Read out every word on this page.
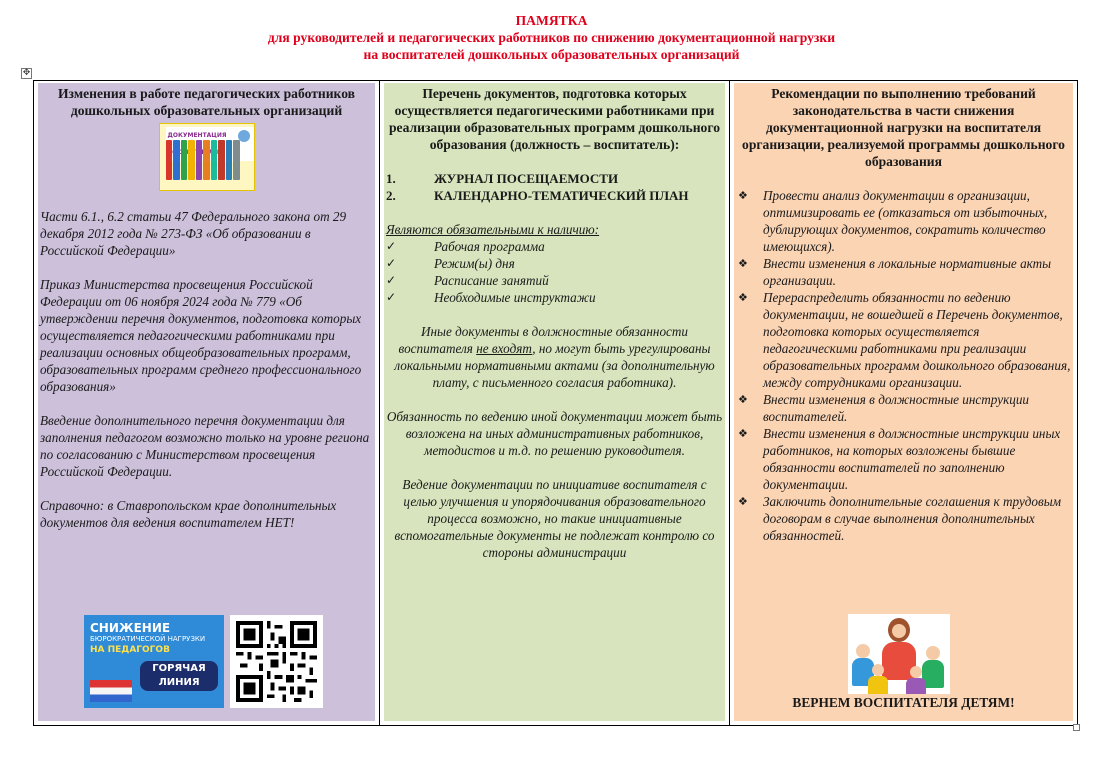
ПАМЯТКА
для руководителей и педагогических работников по снижению документационной нагрузки
на воспитателей дошкольных образовательных организаций
✥
Изменения в работе педагогических работников дошкольных образовательных организаций
ДОКУМЕНТАЦИЯ
Части 6.1., 6.2 статьи 47 Федерального закона от 29 декабря 2012 года № 273-ФЗ «Об образовании в Российской Федерации»
Приказ Министерства просвещения Российской Федерации от 06 ноября 2024 года № 779 «Об утверждении перечня документов, подготовка которых осуществляется педагогическими работниками при реализации основных общеобразовательных программ, образовательных программ среднего профессионального образования»
Введение дополнительного перечня документации для заполнения педагогом возможно только на уровне региона по согласованию с Министерством просвещения Российской Федерации.
Справочно: в Ставропольском крае дополнительных документов для ведения воспитателем НЕТ!
СНИЖЕНИЕ
БЮРОКРАТИЧЕСКОЙ НАГРУЗКИ
НА ПЕДАГОГОВ
ГОРЯЧАЯ ЛИНИЯ
Перечень документов, подготовка которых осуществляется педагогическими работниками при реализации образовательных программ дошкольного образования (должность – воспитатель):
1.	ЖУРНАЛ ПОСЕЩАЕМОСТИ
2.	КАЛЕНДАРНО-ТЕМАТИЧЕСКИЙ ПЛАН
Являются обязательными к наличию:
✓	Рабочая программа
✓	Режим(ы) дня
✓	Расписание занятий
✓	Необходимые инструктажи
Иные документы в должностные обязанности воспитателя не входят, но могут быть урегулированы локальными нормативными актами (за дополнительную плату, с письменного согласия работника).
Обязанность по ведению иной документации может быть возложена на иных административных работников, методистов и т.д. по решению руководителя.
Ведение документации по инициативе воспитателя с целью улучшения и упорядочивания образовательного процесса возможно, но такие инициативные вспомогательные документы не подлежат контролю со стороны администрации
Рекомендации по выполнению требований законодательства в части снижения документационной нагрузки на воспитателя организации, реализуемой программы дошкольного образования
❖	Провести анализ документации в организации, оптимизировать ее (отказаться от избыточных, дублирующих документов, сократить количество имеющихся).
❖	Внести изменения в локальные нормативные акты организации.
❖	Перераспределить обязанности по ведению документации, не вошедшей в Перечень документов, подготовка которых осуществляется педагогическими работниками при реализации образовательных программ дошкольного образования, между сотрудниками организации.
❖	Внести изменения в должностные инструкции воспитателей.
❖	Внести изменения в должностные инструкции иных работников, на которых возложены бывшие обязанности воспитателей по заполнению документации.
❖	Заключить дополнительные соглашения к трудовым договорам в случае выполнения дополнительных обязанностей.
ВЕРНЕМ ВОСПИТАТЕЛЯ ДЕТЯМ!
